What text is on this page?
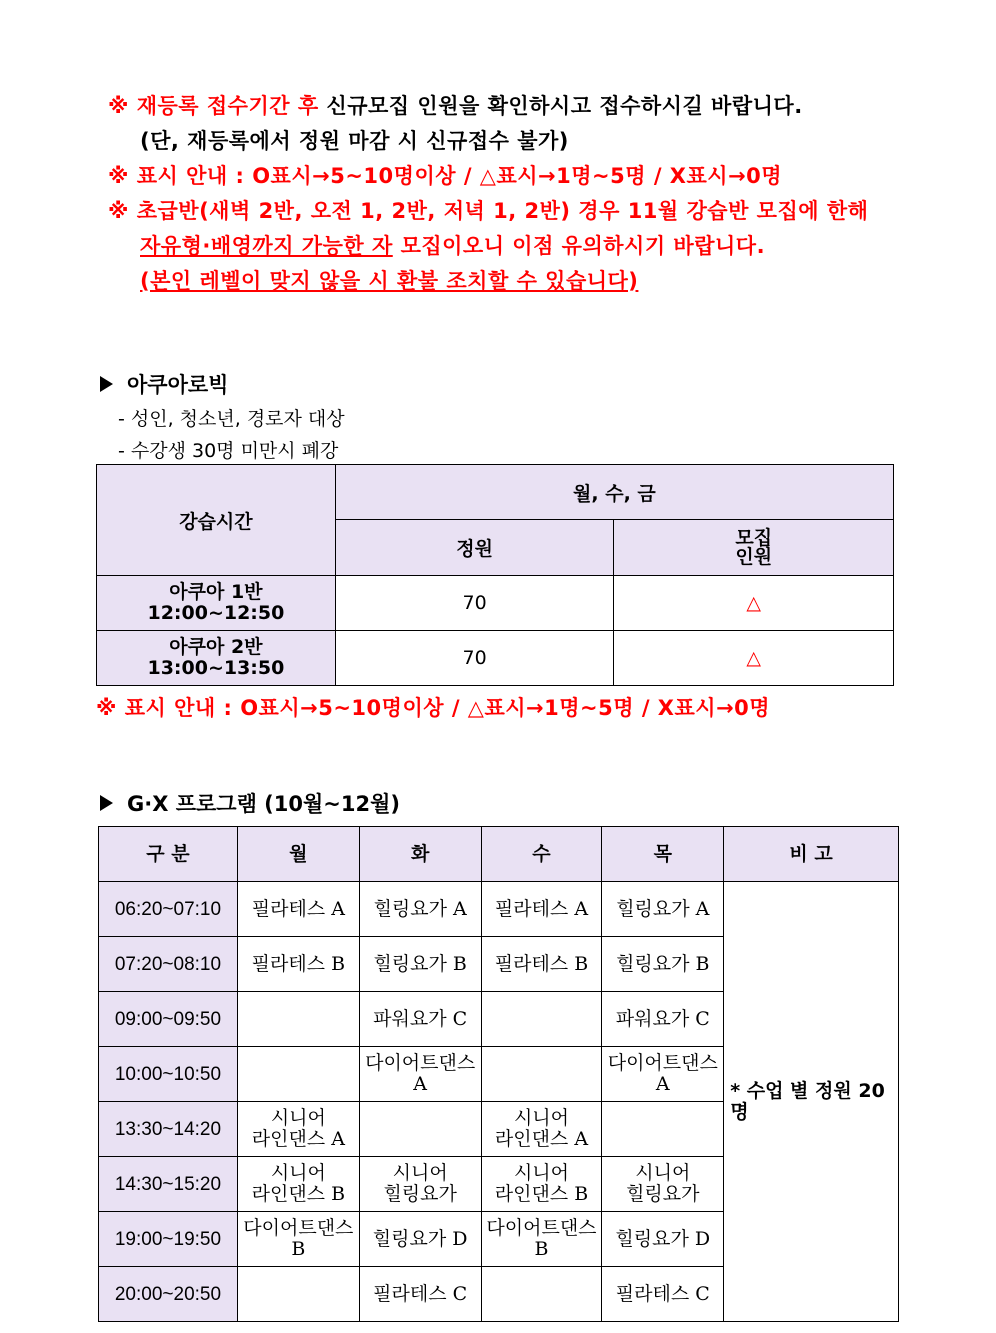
※ 재등록 접수기간 후 신규모집 인원을 확인하시고 접수하시길 바랍니다.
(단, 재등록에서 정원 마감 시 신규접수 불가)
※ 표시 안내 : O표시→5~10명이상 / △표시→1명~5명 / X표시→0명
※ 초급반(새벽 2반, 오전 1, 2반, 저녁 1, 2반) 경우 11월 강습반 모집에 한해
자유형·배영까지 가능한 자 모집이오니 이점 유의하시기 바랍니다.
(본인 레벨이 맞지 않을 시 환불 조치할 수 있습니다)
아쿠아로빅
- 성인, 청소년, 경로자 대상
- 수강생 30명 미만시 폐강
강습시간	월, 수, 금	
	정원	모집
인원

아쿠아 1반
12:00~12:50	70	△

아쿠아 2반
13:00~13:50	70	△
※ 표시 안내 : O표시→5~10명이상 / △표시→1명~5명 / X표시→0명
G·X 프로그램 (10월~12월)
구 분	월	화	수	목	비 고
06:20~07:10	필라테스 A	힐링요가 A	필라테스 A	힐링요가 A	* 수업 별 정원 20명
07:20~08:10	필라테스 B	힐링요가 B	필라테스 B	힐링요가 B	
09:00~09:50		파워요가 C		파워요가 C	
10:00~10:50		다이어트댄스 A		다이어트댄스 A	
13:30~14:20	시니어
라인댄스 A		시니어
라인댄스 A		
14:30~15:20	시니어
라인댄스 B	시니어
힐링요가	시니어
라인댄스 B	시니어
힐링요가	
19:00~19:50	다이어트댄스 B	힐링요가 D	다이어트댄스 B	힐링요가 D	
20:00~20:50		필라테스 C		필라테스 C	
